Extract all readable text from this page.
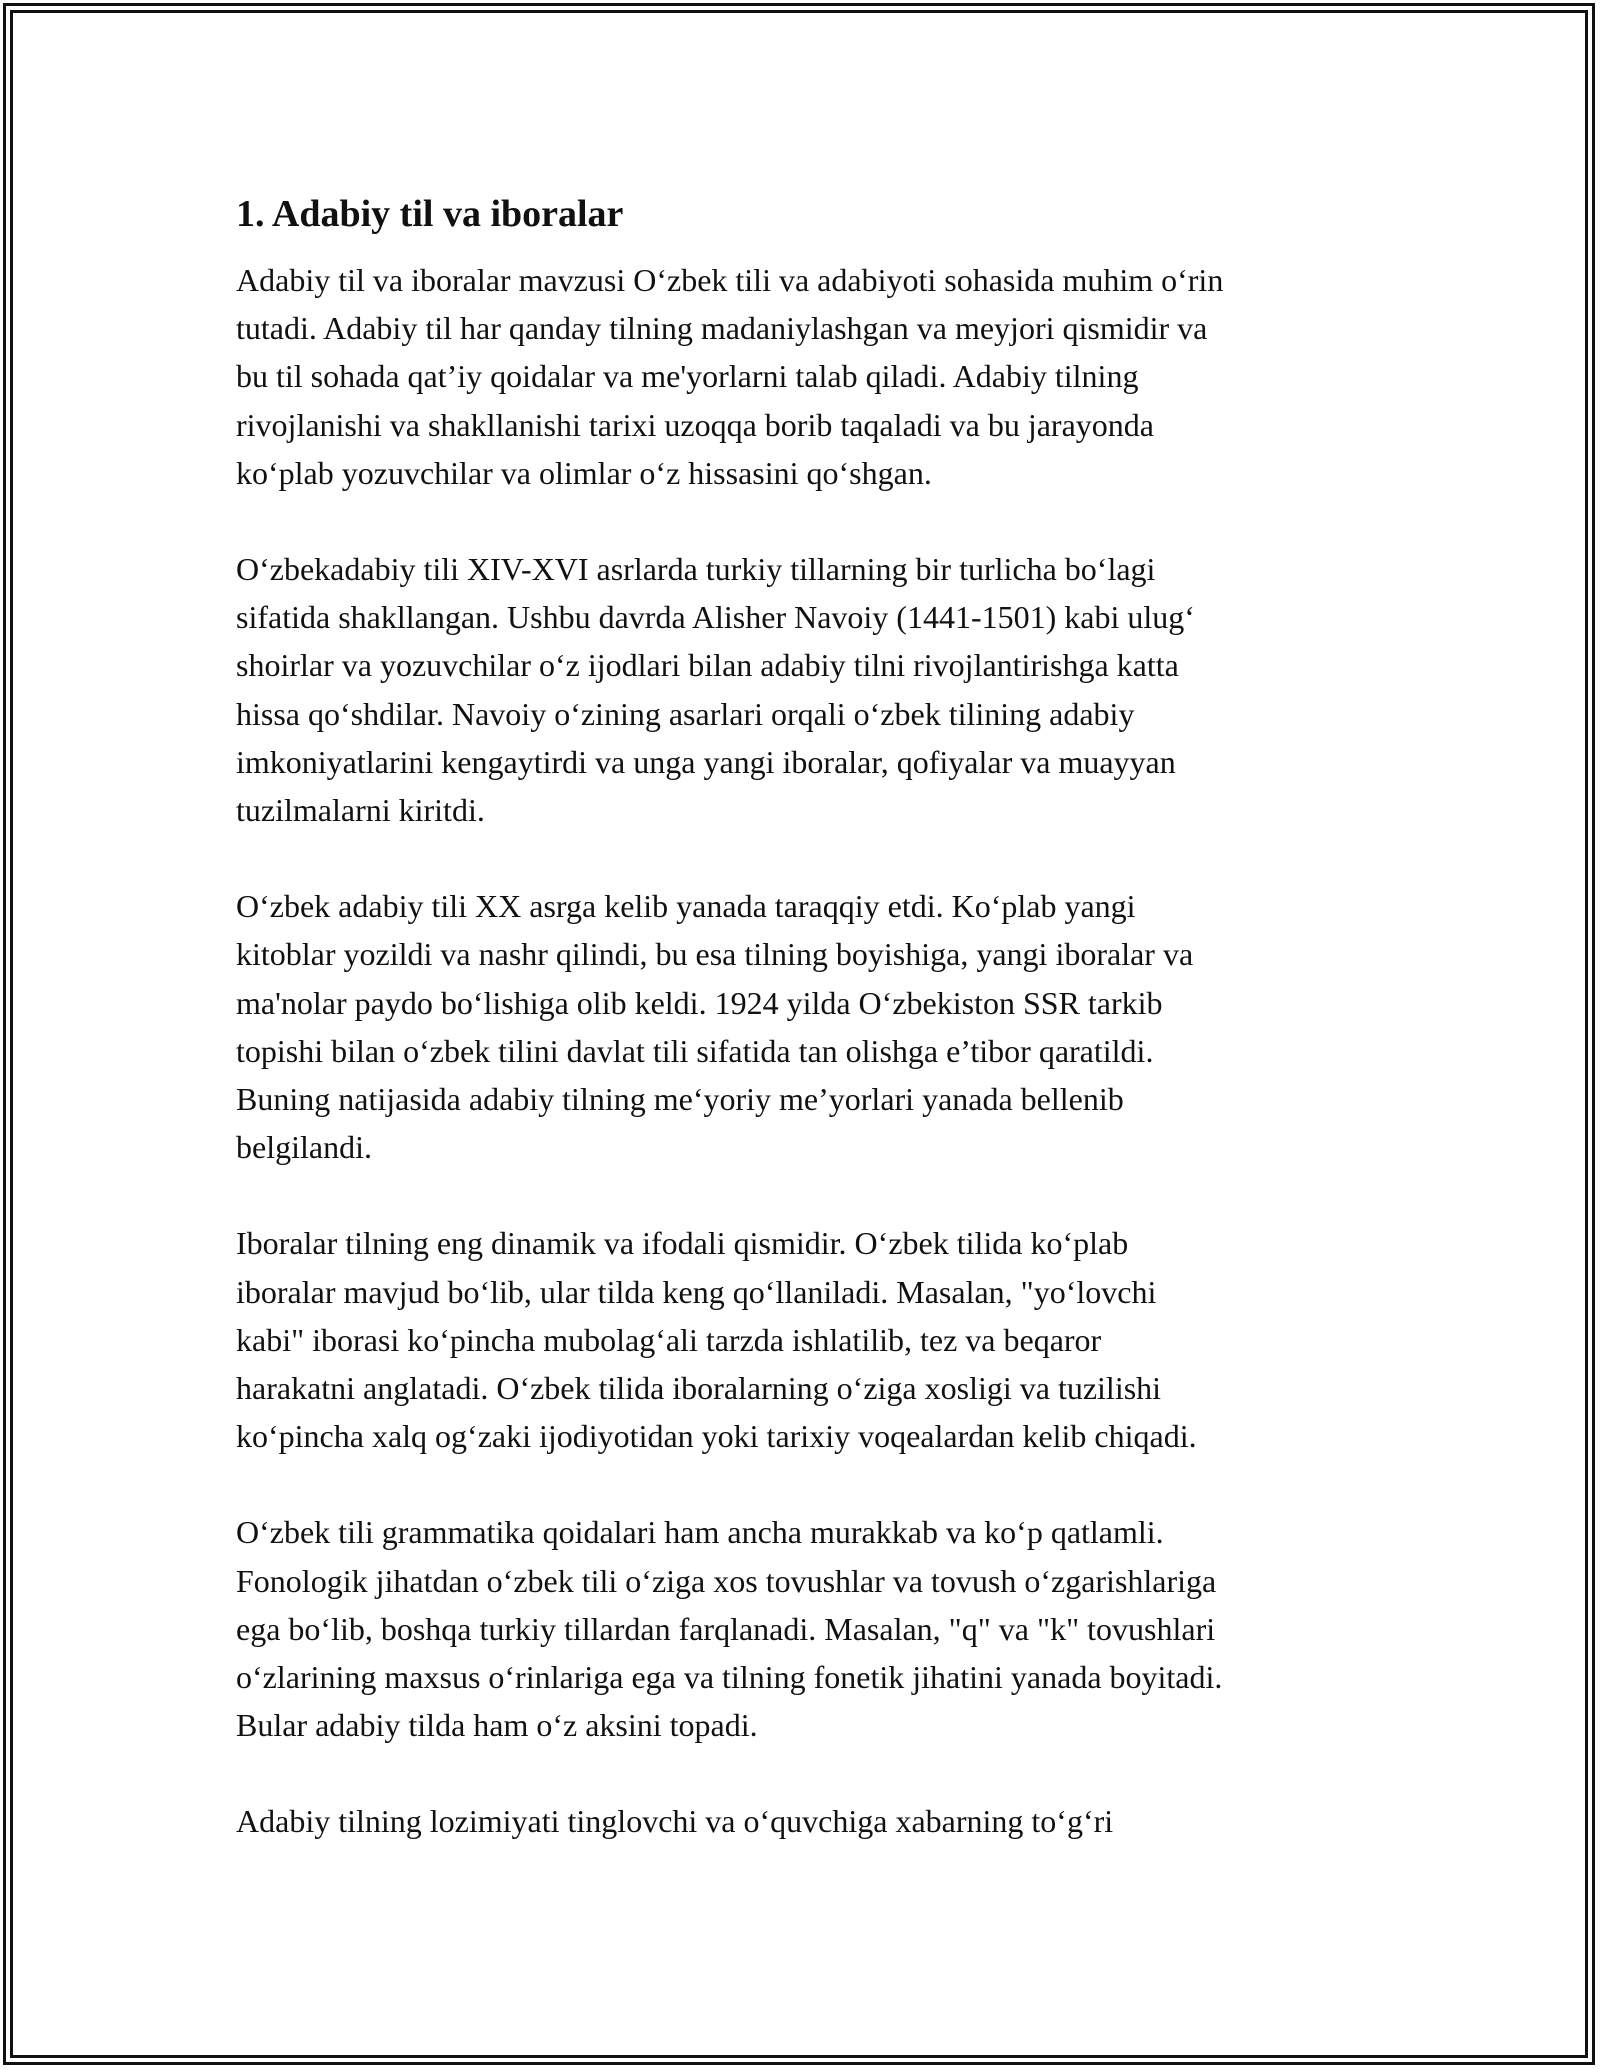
1. Adabiy til va iboralar
Adabiy til va iboralar mavzusi O‘zbek tili va adabiyoti sohasida muhim o‘rin
tutadi. Adabiy til har qanday tilning madaniylashgan va meyjori qismidir va
bu til sohada qat’iy qoidalar va me'yorlarni talab qiladi. Adabiy tilning
rivojlanishi va shakllanishi tarixi uzoqqa borib taqaladi va bu jarayonda
ko‘plab yozuvchilar va olimlar o‘z hissasini qo‘shgan.
O‘zbekadabiy tili XIV-XVI asrlarda turkiy tillarning bir turlicha bo‘lagi
sifatida shakllangan. Ushbu davrda Alisher Navoiy (1441-1501) kabi ulug‘
shoirlar va yozuvchilar o‘z ijodlari bilan adabiy tilni rivojlantirishga katta
hissa qo‘shdilar. Navoiy o‘zining asarlari orqali o‘zbek tilining adabiy
imkoniyatlarini kengaytirdi va unga yangi iboralar, qofiyalar va muayyan
tuzilmalarni kiritdi.
O‘zbek adabiy tili XX asrga kelib yanada taraqqiy etdi. Ko‘plab yangi
kitoblar yozildi va nashr qilindi, bu esa tilning boyishiga, yangi iboralar va
ma'nolar paydo bo‘lishiga olib keldi. 1924 yilda O‘zbekiston SSR tarkib
topishi bilan o‘zbek tilini davlat tili sifatida tan olishga e’tibor qaratildi.
Buning natijasida adabiy tilning me‘yoriy me’yorlari yanada bellenib
belgilandi.
Iboralar tilning eng dinamik va ifodali qismidir. O‘zbek tilida ko‘plab
iboralar mavjud bo‘lib, ular tilda keng qo‘llaniladi. Masalan, "yo‘lovchi
kabi" iborasi ko‘pincha mubolag‘ali tarzda ishlatilib, tez va beqaror
harakatni anglatadi. O‘zbek tilida iboralarning o‘ziga xosligi va tuzilishi
ko‘pincha xalq og‘zaki ijodiyotidan yoki tarixiy voqealardan kelib chiqadi.
O‘zbek tili grammatika qoidalari ham ancha murakkab va ko‘p qatlamli.
Fonologik jihatdan o‘zbek tili o‘ziga xos tovushlar va tovush o‘zgarishlariga
ega bo‘lib, boshqa turkiy tillardan farqlanadi. Masalan, "q" va "k" tovushlari
o‘zlarining maxsus o‘rinlariga ega va tilning fonetik jihatini yanada boyitadi.
Bular adabiy tilda ham o‘z aksini topadi.
Adabiy tilning lozimiyati tinglovchi va o‘quvchiga xabarning to‘g‘ri
